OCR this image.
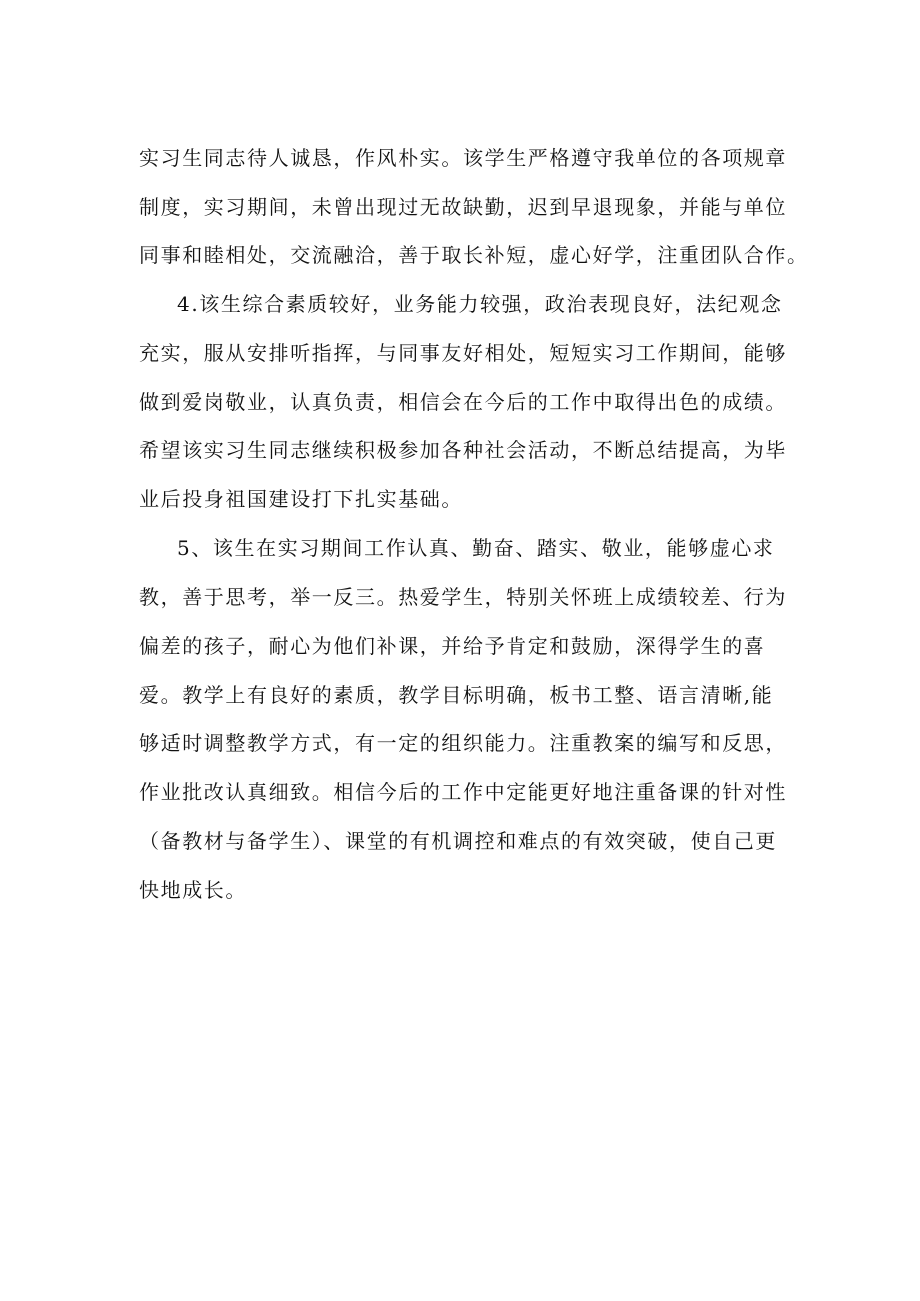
实习生同志待人诚恳，作风朴实。该学生严格遵守我单位的各项规章
制度，实习期间，未曾出现过无故缺勤，迟到早退现象，并能与单位
同事和睦相处，交流融洽，善于取长补短，虚心好学，注重团队合作。
4.该生综合素质较好，业务能力较强，政治表现良好，法纪观念
充实，服从安排听指挥，与同事友好相处，短短实习工作期间，能够
做到爱岗敬业，认真负责，相信会在今后的工作中取得出色的成绩。
希望该实习生同志继续积极参加各种社会活动，不断总结提高，为毕
业后投身祖国建设打下扎实基础。
5、该生在实习期间工作认真、勤奋、踏实、敬业，能够虚心求
教，善于思考，举一反三。热爱学生，特别关怀班上成绩较差、行为
偏差的孩子，耐心为他们补课，并给予肯定和鼓励，深得学生的喜
爱。教学上有良好的素质，教学目标明确，板书工整、语言清晰,能
够适时调整教学方式，有一定的组织能力。注重教案的编写和反思，
作业批改认真细致。相信今后的工作中定能更好地注重备课的针对性
（备教材与备学生）、课堂的有机调控和难点的有效突破，使自己更
快地成长。
